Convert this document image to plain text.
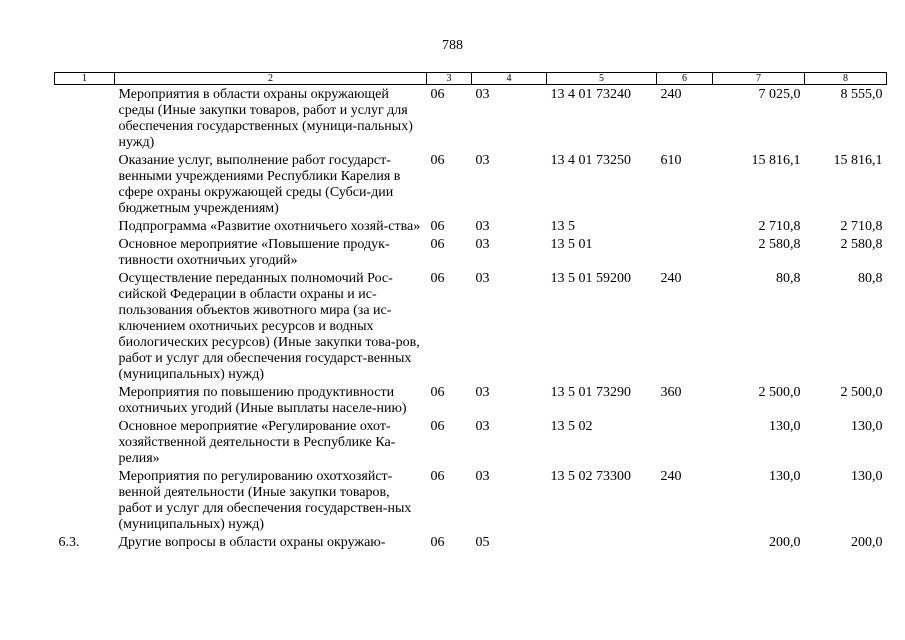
788
1	2	3	4	5	6	7	8
	Мероприятия в области охраны окружающей среды (Иные закупки товаров, работ и услуг для обеспечения государственных (муници-пальных) нужд)	06	03	13 4 01 73240	240	7 025,0	8 555,0
	Оказание услуг, выполнение работ государст-венными учреждениями Республики Карелия в сфере охраны окружающей среды (Субси-дии бюджетным учреждениям)	06	03	13 4 01 73250	610	15 816,1	15 816,1
	Подпрограмма «Развитие охотничьего хозяй-ства»	06	03	13 5		2 710,8	2 710,8
	Основное мероприятие «Повышение продук-тивности охотничьих угодий»	06	03	13 5 01		2 580,8	2 580,8
	Осуществление переданных полномочий Рос-сийской Федерации в области охраны и ис-пользования объектов животного мира (за ис-ключением охотничьих ресурсов и водных биологических ресурсов) (Иные закупки това-ров, работ и услуг для обеспечения государст-венных (муниципальных) нужд)	06	03	13 5 01 59200	240	80,8	80,8
	Мероприятия по повышению продуктивности охотничьих угодий (Иные выплаты населе-нию)	06	03	13 5 01 73290	360	2 500,0	2 500,0
	Основное мероприятие «Регулирование охот-хозяйственной деятельности в Республике Ка-релия»	06	03	13 5 02		130,0	130,0
	Мероприятия по регулированию охотхозяйст-венной деятельности (Иные закупки товаров, работ и услуг для обеспечения государствен-ных (муниципальных) нужд)	06	03	13 5 02 73300	240	130,0	130,0
6.3.	Другие вопросы в области охраны окружаю-	06	05			200,0	200,0
